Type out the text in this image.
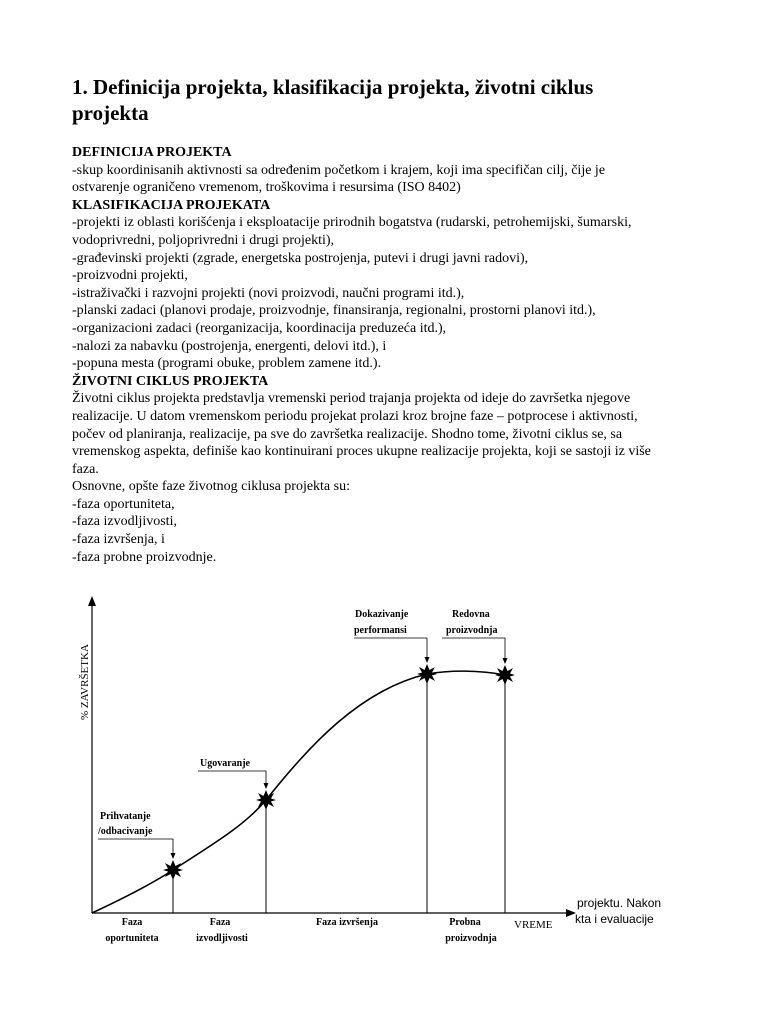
1. Definicija projekta, klasifikacija projekta, životni ciklus
projekta
DEFINICIJA PROJEKTA
-skup koordinisanih aktivnosti sa određenim početkom i krajem, koji ima specifičan cilj, čije je
ostvarenje ograničeno vremenom, troškovima i resursima (ISO 8402)
KLASIFIKACIJA PROJEKATA
-projekti iz oblasti korišćenja i eksploatacije prirodnih bogatstva (rudarski, petrohemijski, šumarski,
vodoprivredni, poljoprivredni i drugi projekti),
-građevinski projekti (zgrade, energetska postrojenja, putevi i drugi javni radovi),
-proizvodni projekti,
-istraživački i razvojni projekti (novi proizvodi, naučni programi itd.),
-planski zadaci (planovi prodaje, proizvodnje, finansiranja, regionalni, prostorni planovi itd.),
-organizacioni zadaci (reorganizacija, koordinacija preduzeća itd.),
-nalozi za nabavku (postrojenja, energenti, delovi itd.), i
-popuna mesta (programi obuke, problem zamene itd.).
ŽIVOTNI CIKLUS PROJEKTA
Životni ciklus projekta predstavlja vremenski period trajanja projekta od ideje do završetka njegove
realizacije. U datom vremenskom periodu projekat prolazi kroz brojne faze – potprocese i aktivnosti,
počev od planiranja, realizacije, pa sve do završetka realizacije. Shodno tome, životni ciklus se, sa
vremenskog aspekta, definiše kao kontinuirani proces ukupne realizacije projekta, koji se sastoji iz više
faza.
Osnovne, opšte faze životnog ciklusa projekta su:
-faza oportuniteta,
-faza izvodljivosti,
-faza izvršenja, i
-faza probne proizvodnje.
% ZAVRŠETKA
VREME
Prihvatanje
/odbacivanje
Ugovaranje
Dokazivanje
performansi
Redovna
proizvodnja
Faza
oportuniteta
Faza
izvodljivosti
Faza izvršenja	Probna
proizvodnja
projektu. Nakon
kta i evaluacije
